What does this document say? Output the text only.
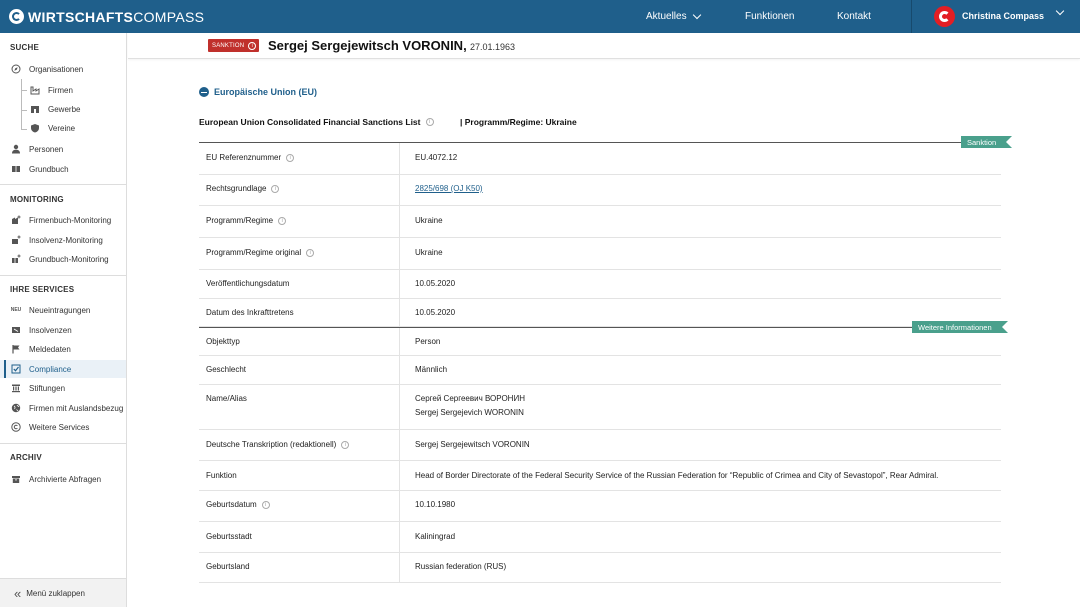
WIRTSCHAFTSCOMPASS	Aktuelles	Funktionen	Kontakt	Christina Compass
SUCHE
Organisationen
Firmen
Gewerbe
Vereine
Personen
Grundbuch
MONITORING
Firmenbuch-Monitoring
Insolvenz-Monitoring
Grundbuch-Monitoring
IHRE SERVICES
NEU Neueintragungen
Insolvenzen
Meldedaten
Compliance
Stiftungen
Firmen mit Auslandsbezug
Weitere Services
ARCHIV
Archivierte Abfragen
« Menü zuklappen
SANKTION	i Sergej Sergejewitsch VORONIN, 27.01.1963
Europäische Union (EU)
European Union Consolidated Financial Sanctions List	i	| Programm/Regime: Ukraine
Sanktion
EU Referenznummer	i	EU.4072.12
Rechtsgrundlage	i	2825/698 (OJ K50)
Programm/Regime	i	Ukraine
Programm/Regime original	i	Ukraine
Veröffentlichungsdatum	10.05.2020
Datum des Inkrafttretens	10.05.2020
Weitere Informationen
Objekttyp	Person
Geschlecht	Männlich
Name/Alias	Сергей Сергеевич ВОРОНИН
Sergej Sergejevich WORONIN
Deutsche Transkription (redaktionell)	i	Sergej Sergejewitsch VORONIN
Funktion	Head of Border Directorate of the Federal Security Service of the Russian Federation for “Republic of Crimea and City of Sevastopol”, Rear Admiral.
Geburtsdatum	i	10.10.1980
Geburtsstadt	Kaliningrad
Geburtsland	Russian federation (RUS)
